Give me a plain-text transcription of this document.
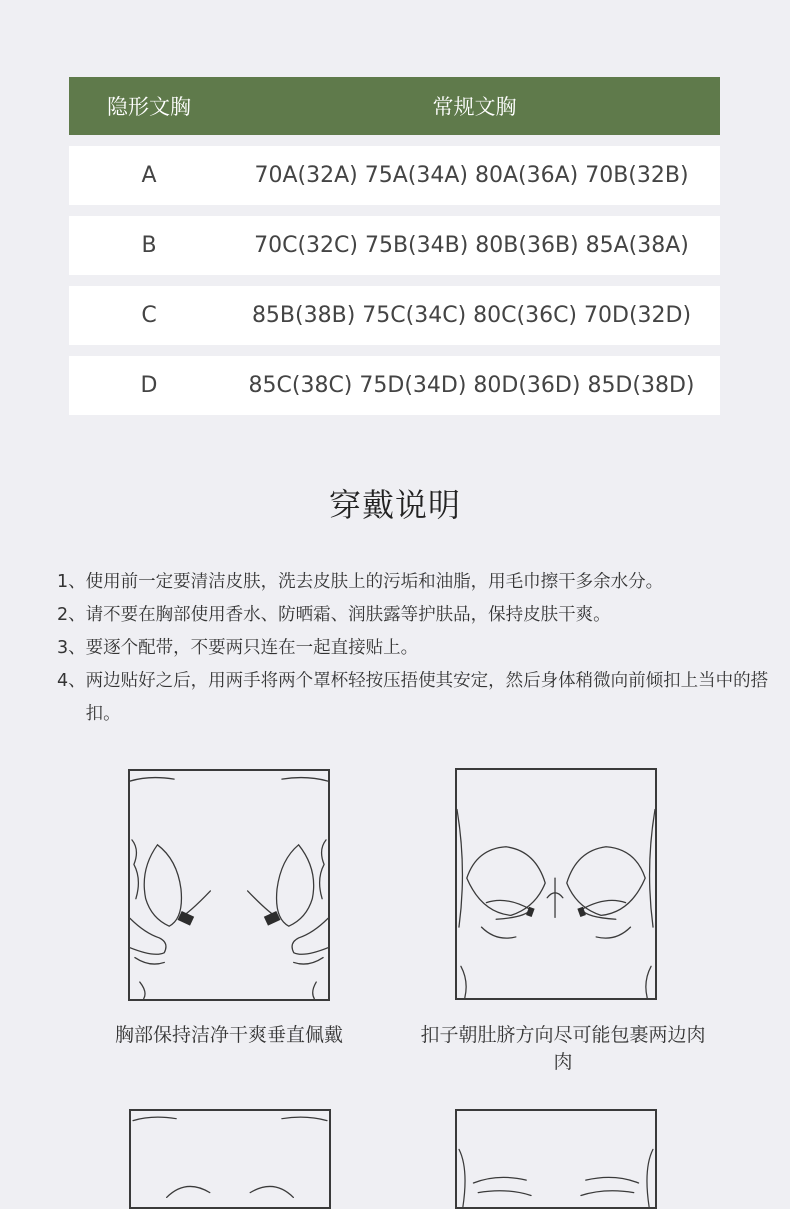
隐形文胸	常规文胸
A	70A(32A) 75A(34A) 80A(36A) 70B(32B)
B	70C(32C) 75B(34B) 80B(36B) 85A(38A)
C	85B(38B) 75C(34C) 80C(36C) 70D(32D)
D	85C(38C) 75D(34D) 80D(36D) 85D(38D)
穿戴说明
1、 使用前一定要清洁皮肤，洗去皮肤上的污垢和油脂，用毛巾擦干多余水分。
2、 请不要在胸部使用香水、防晒霜、润肤露等护肤品，保持皮肤干爽。
3、 要逐个配带，不要两只连在一起直接贴上。
4、 两边贴好之后，用两手将两个罩杯轻按压捂使其安定，然后身体稍微向前倾扣上当中的搭扣。
胸部保持洁净干爽垂直佩戴	扣子朝肚脐方向尽可能包裹两边肉肉
